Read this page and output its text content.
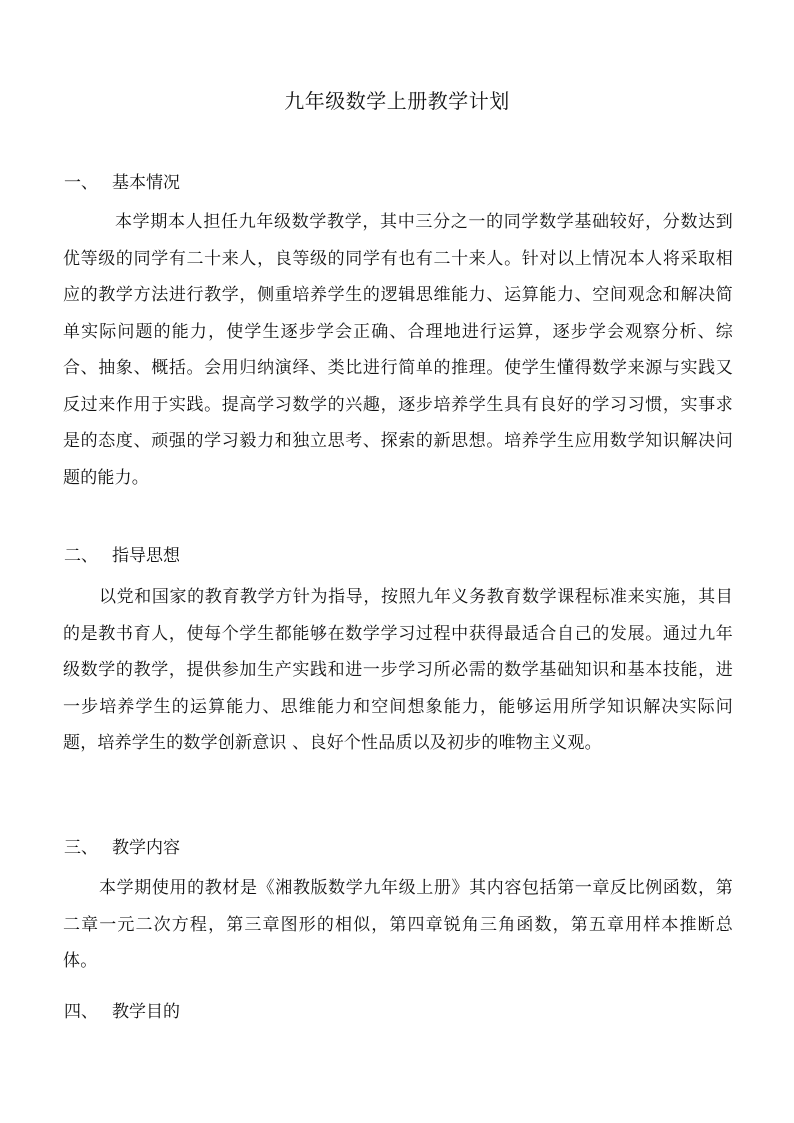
九年级数学上册教学计划
一、 基本情况
本学期本人担任九年级数学教学，其中三分之一的同学数学基础较好，分数达到优等级的同学有二十来人，良等级的同学有也有二十来人。针对以上情况本人将采取相应的教学方法进行教学，侧重培养学生的逻辑思维能力、运算能力、空间观念和解决简单实际问题的能力，使学生逐步学会正确、合理地进行运算，逐步学会观察分析、综合、抽象、概括。会用归纳演绎、类比进行简单的推理。使学生懂得数学来源与实践又反过来作用于实践。提高学习数学的兴趣，逐步培养学生具有良好的学习习惯，实事求是的态度、顽强的学习毅力和独立思考、探索的新思想。培养学生应用数学知识解决问题的能力。
二、 指导思想
以党和国家的教育教学方针为指导，按照九年义务教育数学课程标准来实施，其目的是教书育人，使每个学生都能够在数学学习过程中获得最适合自己的发展。通过九年级数学的教学，提供参加生产实践和进一步学习所必需的数学基础知识和基本技能，进一步培养学生的运算能力、思维能力和空间想象能力，能够运用所学知识解决实际问题，培养学生的数学创新意识 、良好个性品质以及初步的唯物主义观。
三、 教学内容
本学期使用的教材是《湘教版数学九年级上册》其内容包括第一章反比例函数，第二章一元二次方程，第三章图形的相似，第四章锐角三角函数，第五章用样本推断总体。
四、 教学目的
